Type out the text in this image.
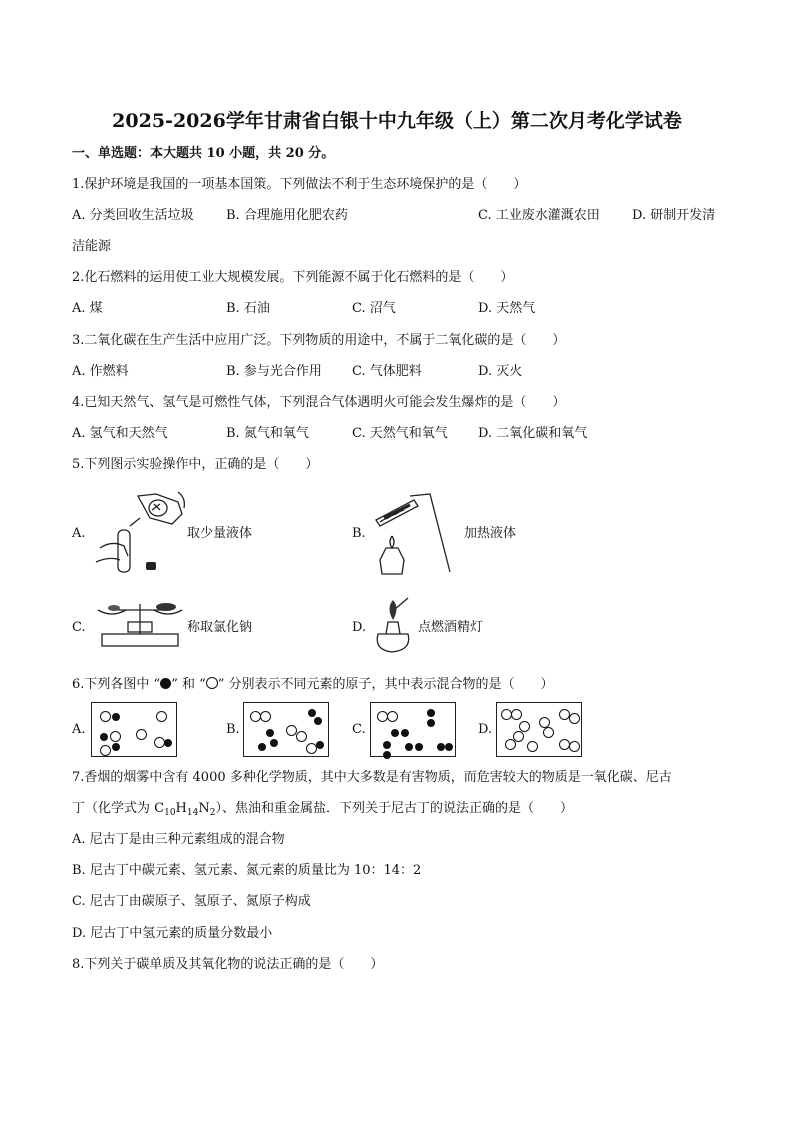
2025-2026学年甘肃省白银十中九年级（上）第二次月考化学试卷
一、单选题：本大题共 10 小题，共 20 分。
1.保护环境是我国的一项基本国策。下列做法不利于生态环境保护的是（　　）
A. 分类回收生活垃圾 B. 合理施用化肥农药	C. 工业废水灌溉农田 D. 研制开发清
洁能源
2.化石燃料的运用使工业大规模发展。下列能源不属于化石燃料的是（　　）
A. 煤	B. 石油	C. 沼气	D. 天然气
3.二氧化碳在生产生活中应用广泛。下列物质的用途中，不属于二氧化碳的是（　　）
A. 作燃料	B. 参与光合作用 C. 气体肥料	D. 灭火
4.已知天然气、氢气是可燃性气体，下列混合气体遇明火可能会发生爆炸的是（　　）
A. 氢气和天然气	B. 氮气和氧气	C. 天然气和氧气 D. 二氧化碳和氧气
5.下列图示实验操作中，正确的是（　　）
A.	取少量液体	B.	加热液体
C.	称取氯化钠	D.	点燃酒精灯
6.下列各图中 “ ” 和 “ ” 分别表示不同元素的原子，其中表示混合物的是（　　）
A.	B.	C.	D.
7.香烟的烟雾中含有 4000 多种化学物质，其中大多数是有害物质，而危害较大的物质是一氧化碳、尼古
丁（化学式为 $C_{10}H_{14}N_2$）、焦油和重金属盐．下列关于尼古丁的说法正确的是（　　）
A. 尼古丁是由三种元素组成的混合物
B. 尼古丁中碳元素、氢元素、氮元素的质量比为 10：14：2
C. 尼古丁由碳原子、氢原子、氮原子构成
D. 尼古丁中氢元素的质量分数最小
8.下列关于碳单质及其氧化物的说法正确的是（　　）
